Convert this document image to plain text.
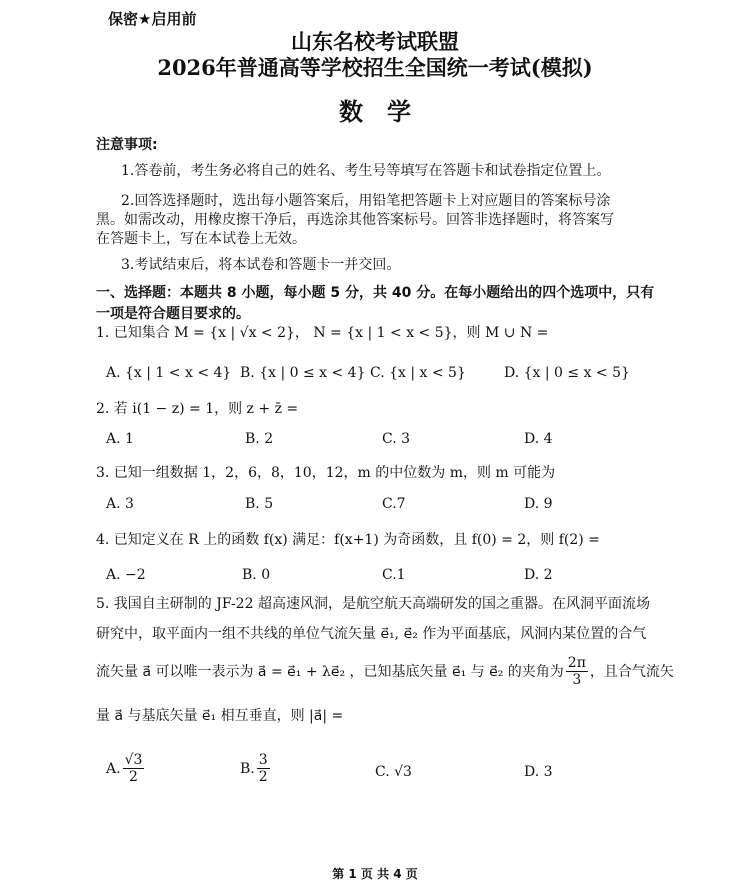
保密★启用前
山东名校考试联盟
2026年普通高等学校招生全国统一考试(模拟)
数　学
注意事项:
1.答卷前，考生务必将自己的姓名、考生号等填写在答题卡和试卷指定位置上。
2.回答选择题时，选出每小题答案后，用铅笔把答题卡上对应题目的答案标号涂
黑。如需改动，用橡皮擦干净后，再选涂其他答案标号。回答非选择题时，将答案写
在答题卡上，写在本试卷上无效。
3.考试结束后，将本试卷和答题卡一并交回。
一、选择题：本题共 8 小题，每小题 5 分，共 40 分。在每小题给出的四个选项中，只有
一项是符合题目要求的。
1. 已知集合 M = {x | √x < 2}， N = {x | 1 < x < 5}，则 M ∪ N =
A. {x | 1 < x < 4} B. {x | 0 ≤ x < 4} C. {x | x < 5}	D. {x | 0 ≤ x < 5}
2. 若 i(1 − z) = 1，则 z + z̄ =
A. 1	B. 2	C. 3	D. 4
3. 已知一组数据 1，2，6，8，10，12，m 的中位数为 m，则 m 可能为
A. 3	B. 5	C.7	D. 9
4. 已知定义在 R 上的函数 f(x) 满足：f(x+1) 为奇函数，且 f(0) = 2，则 f(2) =
A. −2	B. 0	C.1	D. 2
5. 我国自主研制的 JF-22 超高速风洞，是航空航天高端研发的国之重器。在风洞平面流场
研究中，取平面内一组不共线的单位气流矢量 e⃗₁, e⃗₂ 作为平面基底，风洞内某位置的合气
流矢量 a⃗ 可以唯一表示为 a⃗ = e⃗₁ + λe⃗₂ ，已知基底矢量 e⃗₁ 与 e⃗₂ 的夹角为 $\frac{2\pi}{3}$ ，且合气流矢
量 a⃗ 与基底矢量 e⃗₁ 相互垂直，则 |a⃗| =
A. $\frac{√3}{2}$	B. $\frac{3}{2}$	C. √3	D. 3
第 1 页 共 4 页
